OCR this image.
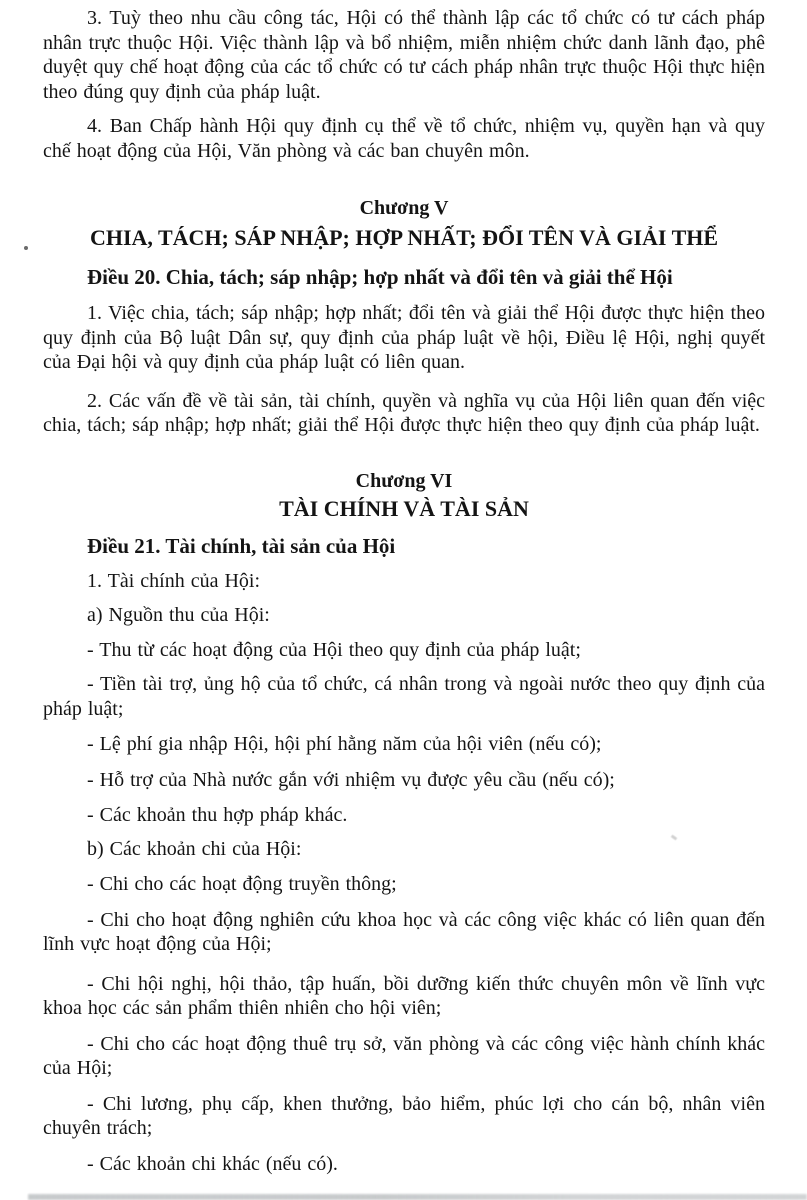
3. Tuỳ theo nhu cầu công tác, Hội có thể thành lập các tổ chức có tư cách pháp nhân trực thuộc Hội. Việc thành lập và bổ nhiệm, miễn nhiệm chức danh lãnh đạo, phê duyệt quy chế hoạt động của các tổ chức có tư cách pháp nhân trực thuộc Hội thực hiện theo đúng quy định của pháp luật.

4. Ban Chấp hành Hội quy định cụ thể về tổ chức, nhiệm vụ, quyền hạn và quy chế hoạt động của Hội, Văn phòng và các ban chuyên môn.

Chương V

CHIA, TÁCH; SÁP NHẬP; HỢP NHẤT; ĐỔI TÊN VÀ GIẢI THỂ

Điều 20. Chia, tách; sáp nhập; hợp nhất và đổi tên và giải thể Hội

1. Việc chia, tách; sáp nhập; hợp nhất; đổi tên và giải thể Hội được thực hiện theo quy định của Bộ luật Dân sự, quy định của pháp luật về hội, Điều lệ Hội, nghị quyết của Đại hội và quy định của pháp luật có liên quan.

2. Các vấn đề về tài sản, tài chính, quyền và nghĩa vụ của Hội liên quan đến việc chia, tách; sáp nhập; hợp nhất; giải thể Hội được thực hiện theo quy định của pháp luật.

Chương VI

TÀI CHÍNH VÀ TÀI SẢN

Điều 21. Tài chính, tài sản của Hội

1. Tài chính của Hội:

a) Nguồn thu của Hội:

- Thu từ các hoạt động của Hội theo quy định của pháp luật;

- Tiền tài trợ, ủng hộ của tổ chức, cá nhân trong và ngoài nước theo quy định của pháp luật;

- Lệ phí gia nhập Hội, hội phí hằng năm của hội viên (nếu có);

- Hỗ trợ của Nhà nước gắn với nhiệm vụ được yêu cầu (nếu có);

- Các khoản thu hợp pháp khác.

b) Các khoản chi của Hội:

- Chi cho các hoạt động truyền thông;

- Chi cho hoạt động nghiên cứu khoa học và các công việc khác có liên quan đến lĩnh vực hoạt động của Hội;

- Chi hội nghị, hội thảo, tập huấn, bồi dưỡng kiến thức chuyên môn về lĩnh vực khoa học các sản phẩm thiên nhiên cho hội viên;

- Chi cho các hoạt động thuê trụ sở, văn phòng và các công việc hành chính khác của Hội;

- Chi lương, phụ cấp, khen thưởng, bảo hiểm, phúc lợi cho cán bộ, nhân viên chuyên trách;

- Các khoản chi khác (nếu có).
